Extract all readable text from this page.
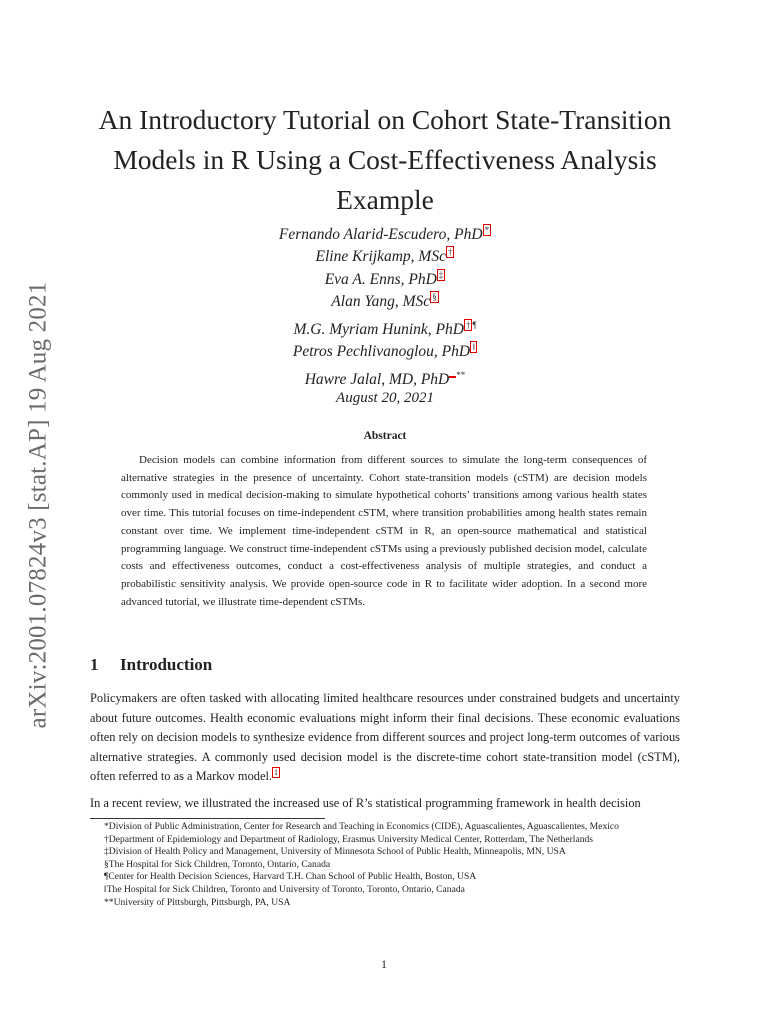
arXiv:2001.07824v3 [stat.AP] 19 Aug 2021
An Introductory Tutorial on Cohort State-Transition Models in R Using a Cost-Effectiveness Analysis Example
Fernando Alarid-Escudero, PhD *
Eline Krijkamp, MSc †
Eva A. Enns, PhD ‡
Alan Yang, MSc §
M.G. Myriam Hunink, PhD † ¶
Petros Pechlivanoglou, PhD ‖
Hawre Jalal, MD, PhD **
August 20, 2021
Abstract

Decision models can combine information from different sources to simulate the long-term consequences of alternative strategies in the presence of uncertainty. Cohort state-transition models (cSTM) are decision models commonly used in medical decision-making to simulate hypothetical cohorts’ transitions among various health states over time. This tutorial focuses on time-independent cSTM, where transition probabilities among health states remain constant over time. We implement time-independent cSTM in R, an open-source mathematical and statistical programming language. We construct time-independent cSTMs using a previously published decision model, calculate costs and effectiveness outcomes, conduct a cost-effectiveness analysis of multiple strategies, and conduct a probabilistic sensitivity analysis. We provide open-source code in R to facilitate wider adoption. In a second more advanced tutorial, we illustrate time-dependent cSTMs.

1 Introduction

Policymakers are often tasked with allocating limited healthcare resources under constrained budgets and uncertainty about future outcomes. Health economic evaluations might inform their final decisions. These economic evaluations often rely on decision models to synthesize evidence from different sources and project long-term outcomes of various alternative strategies. A commonly used decision model is the discrete-time cohort state-transition model (cSTM), often referred to as a Markov model. 1

In a recent review, we illustrated the increased use of R’s statistical programming framework in health decision

*Division of Public Administration, Center for Research and Teaching in Economics (CIDE), Aguascalientes, Aguascalientes, Mexico
†Department of Epidemiology and Department of Radiology, Erasmus University Medical Center, Rotterdam, The Netherlands
‡Division of Health Policy and Management, University of Minnesota School of Public Health, Minneapolis, MN, USA
§The Hospital for Sick Children, Toronto, Ontario, Canada
¶Center for Health Decision Sciences, Harvard T.H. Chan School of Public Health, Boston, USA
‖The Hospital for Sick Children, Toronto and University of Toronto, Toronto, Ontario, Canada
**University of Pittsburgh, Pittsburgh, PA, USA
1
